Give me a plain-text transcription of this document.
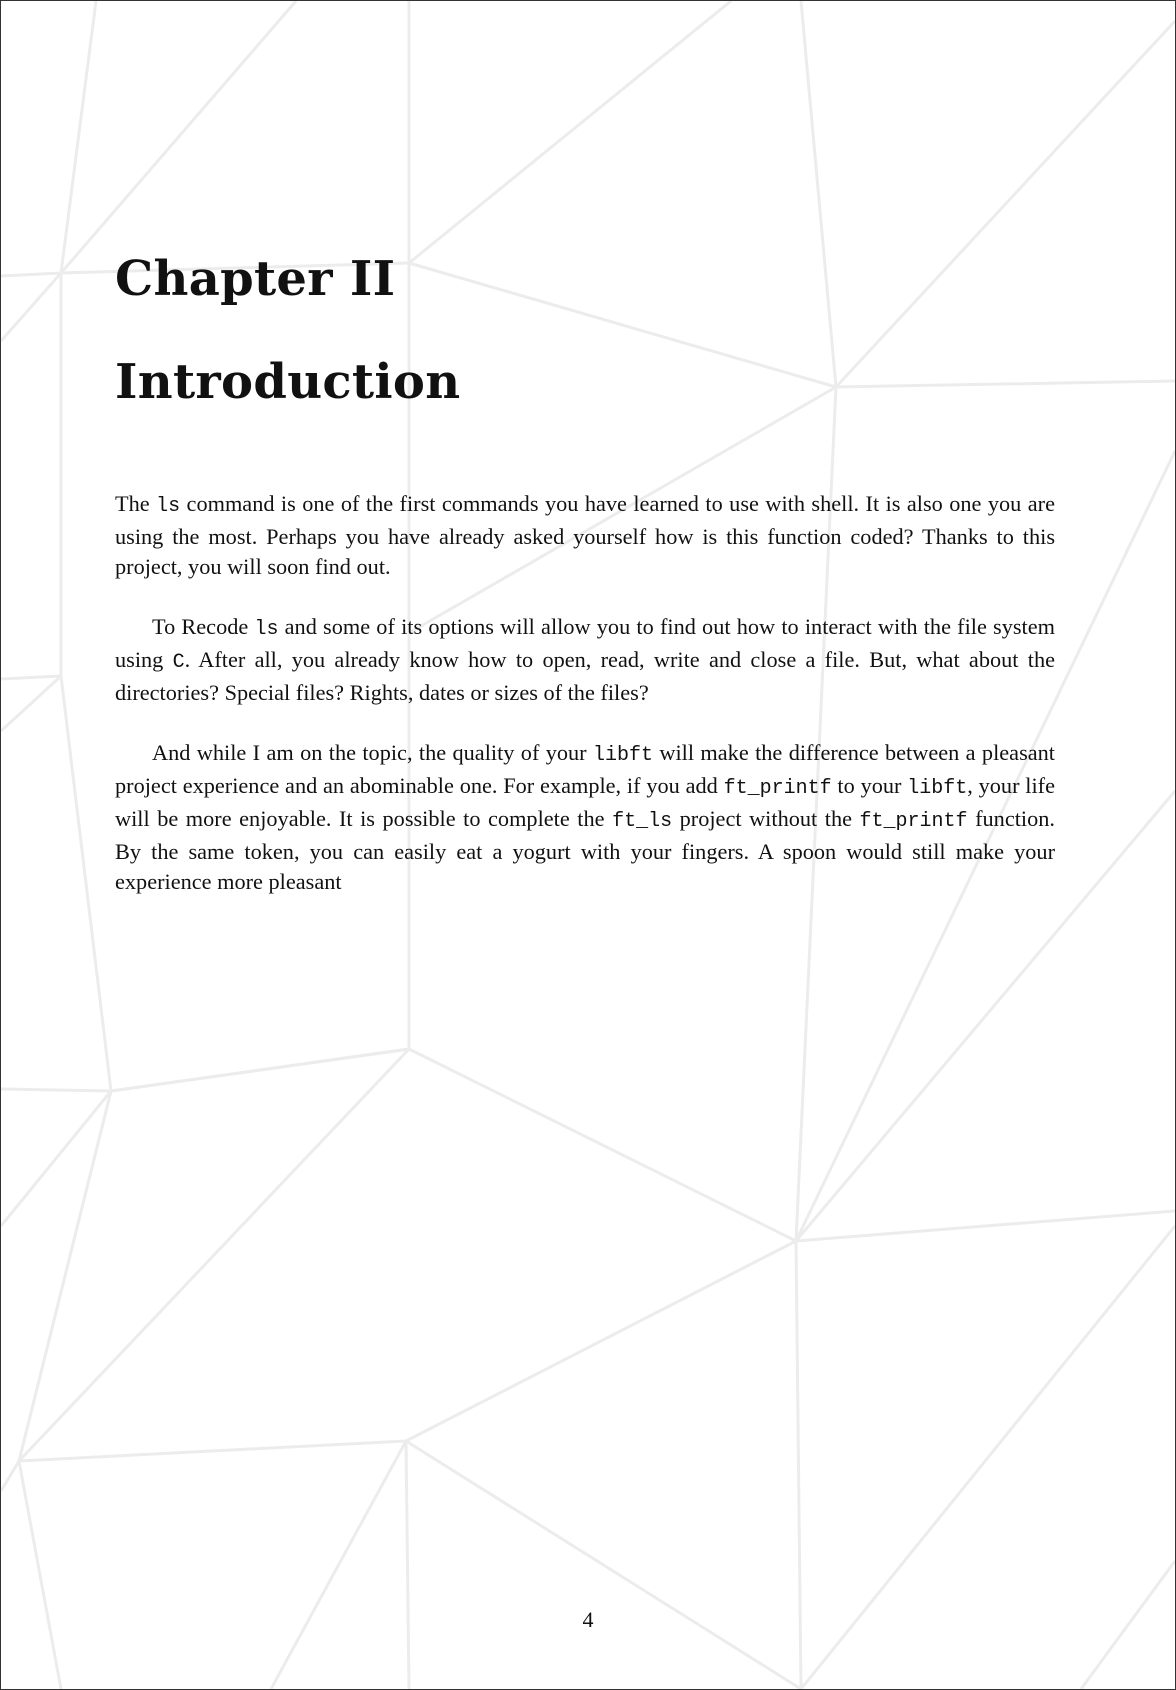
Chapter II
Introduction

The ls command is one of the first commands you have learned to use with shell. It is also one you are using the most. Perhaps you have already asked yourself how is this function coded? Thanks to this project, you will soon find out.

To Recode ls and some of its options will allow you to find out how to interact with the file system using C. After all, you already know how to open, read, write and close a file. But, what about the directories? Special files? Rights, dates or sizes of the files?

And while I am on the topic, the quality of your libft will make the difference between a pleasant project experience and an abominable one. For example, if you add ft_printf to your libft, your life will be more enjoyable. It is possible to complete the ft_ls project without the ft_printf function. By the same token, you can easily eat a yogurt with your fingers. A spoon would still make your experience more pleasant

4
